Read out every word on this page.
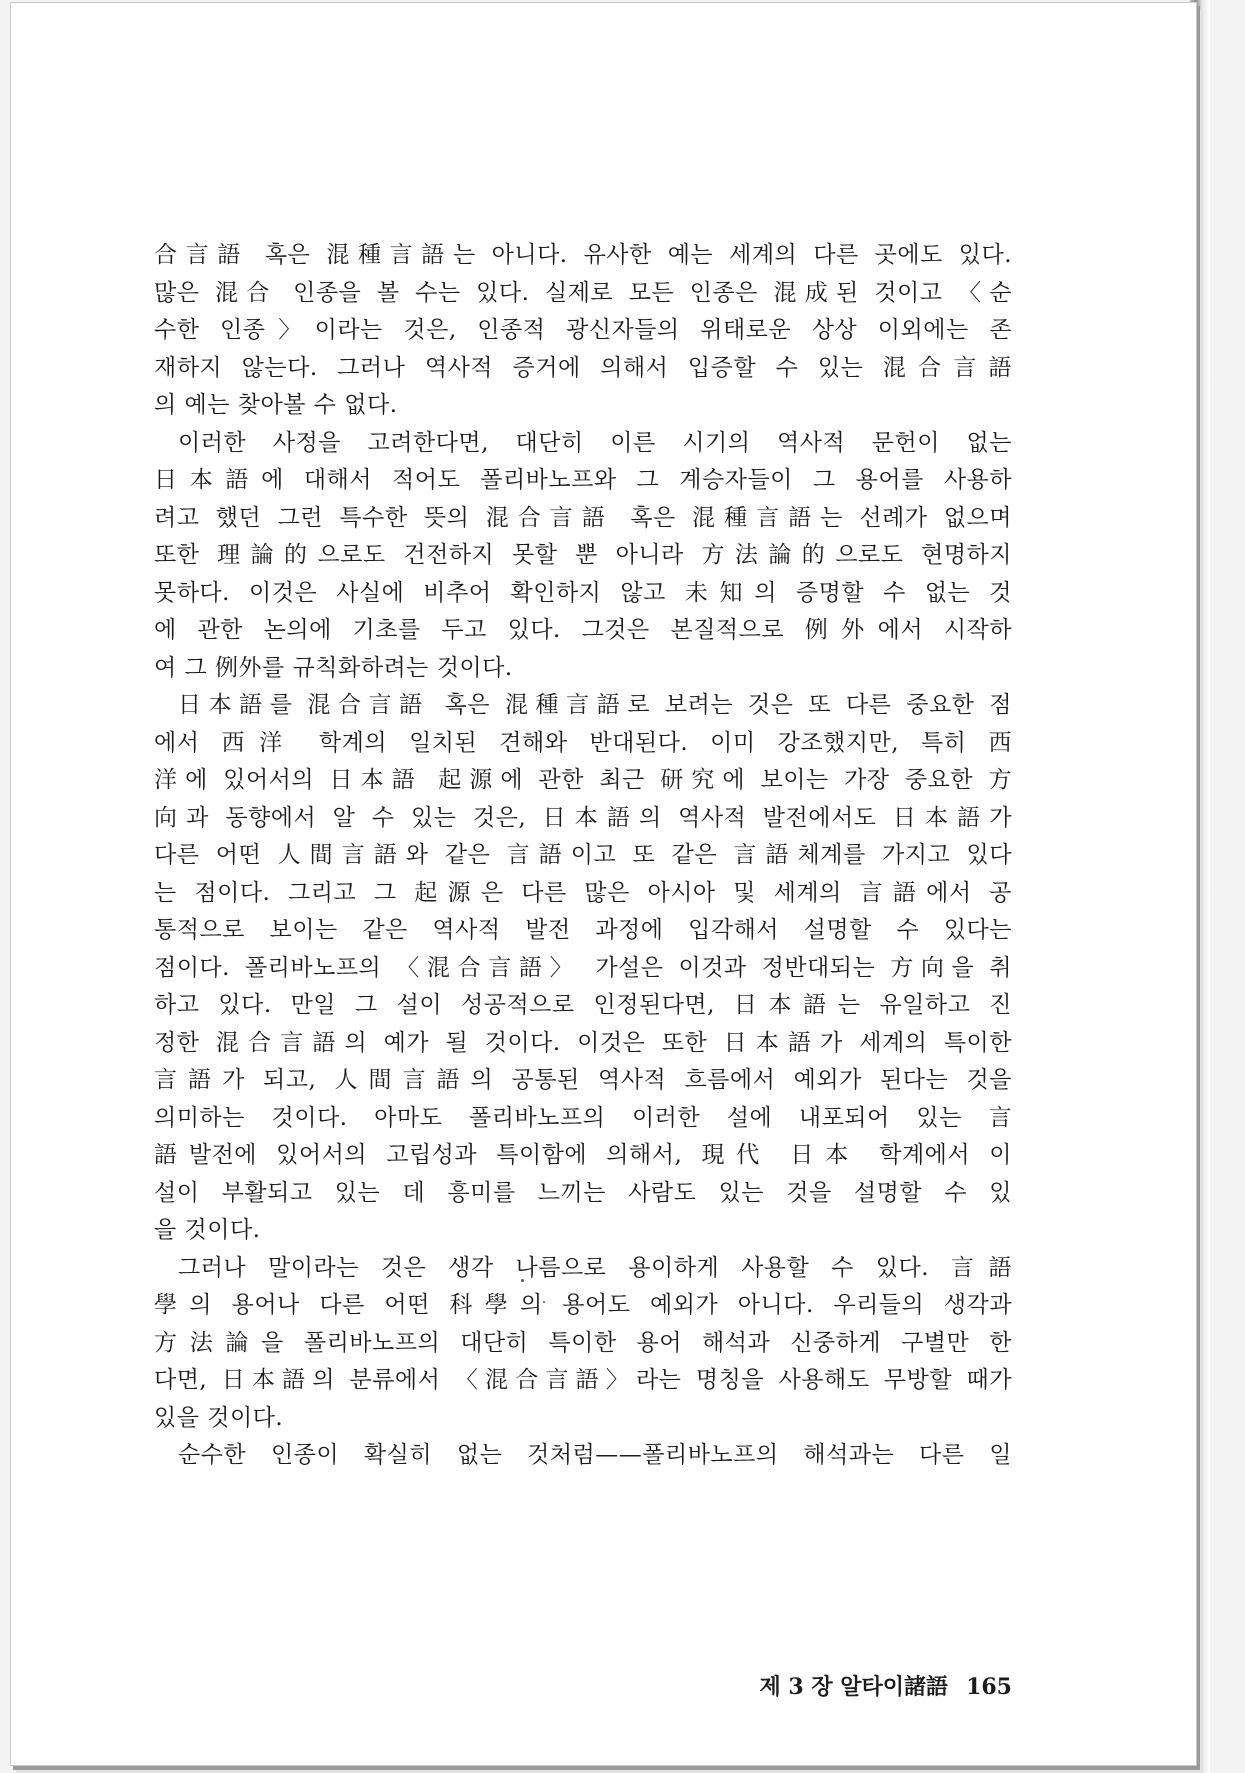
合言語 혹은 混種言語는 아니다. 유사한 예는 세계의 다른 곳에도 있다.
많은 混合 인종을 볼 수는 있다. 실제로 모든 인종은 混成된 것이고 〈순
수한 인종〉이라는 것은, 인종적 광신자들의 위태로운 상상 이외에는 존
재하지 않는다. 그러나 역사적 증거에 의해서 입증할 수 있는 混合言語
의 예는 찾아볼 수 없다.
이러한 사정을 고려한다면, 대단히 이른 시기의 역사적 문헌이 없는
日本語에 대해서 적어도 폴리바노프와 그 계승자들이 그 용어를 사용하
려고 했던 그런 특수한 뜻의 混合言語 혹은 混種言語는 선례가 없으며
또한 理論的으로도 건전하지 못할 뿐 아니라 方法論的으로도 현명하지
못하다. 이것은 사실에 비추어 확인하지 않고 未知의 증명할 수 없는 것
에 관한 논의에 기초를 두고 있다. 그것은 본질적으로 例外에서 시작하
여 그 例外를 규칙화하려는 것이다.
日本語를 混合言語 혹은 混種言語로 보려는 것은 또 다른 중요한 점
에서 西洋 학계의 일치된 견해와 반대된다. 이미 강조했지만, 특히 西
洋에 있어서의 日本語 起源에 관한 최근 研究에 보이는 가장 중요한 方
向과 동향에서 알 수 있는 것은, 日本語의 역사적 발전에서도 日本語가
다른 어떤 人間言語와 같은 言語이고 또 같은 言語체계를 가지고 있다
는 점이다. 그리고 그 起源은 다른 많은 아시아 및 세계의 言語에서 공
통적으로 보이는 같은 역사적 발전 과정에 입각해서 설명할 수 있다는
점이다. 폴리바노프의 〈混合言語〉 가설은 이것과 정반대되는 方向을 취
하고 있다. 만일 그 설이 성공적으로 인정된다면, 日本語는 유일하고 진
정한 混合言語의 예가 될 것이다. 이것은 또한 日本語가 세계의 특이한
言語가 되고, 人間言語의 공통된 역사적 흐름에서 예외가 된다는 것을
의미하는 것이다. 아마도 폴리바노프의 이러한 설에 내포되어 있는 言
語발전에 있어서의 고립성과 특이함에 의해서, 現代 日本 학계에서 이
설이 부활되고 있는 데 흥미를 느끼는 사람도 있는 것을 설명할 수 있
을 것이다.
그러나 말이라는 것은 생각 나름으로 용이하게 사용할 수 있다. 言語
學의 용어나 다른 어떤 科學의 용어도 예외가 아니다. 우리들의 생각과
方法論을 폴리바노프의 대단히 특이한 용어 해석과 신중하게 구별만 한
다면, 日本語의 분류에서 〈混合言語〉라는 명칭을 사용해도 무방할 때가
있을 것이다.
순수한 인종이 확실히 없는 것처럼——폴리바노프의 해석과는 다른 일
제 3 장 알타이諸語 165
